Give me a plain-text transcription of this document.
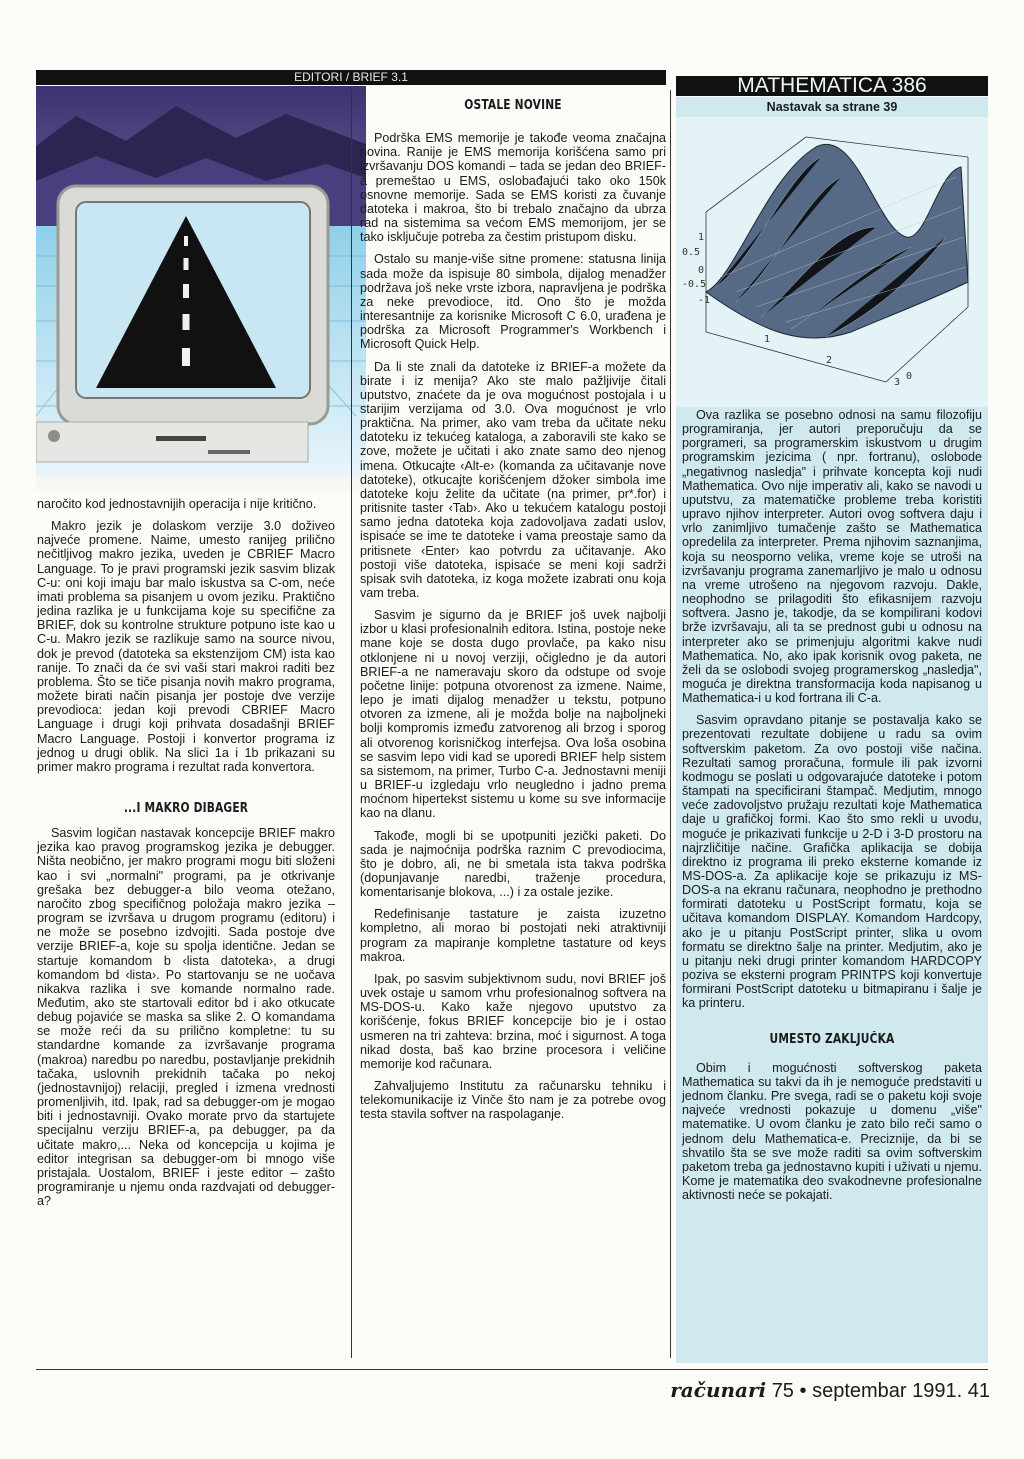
EDITORI / BRIEF 3.1	MATHEMATICA 386
Nastavak sa strane 39

naročito kod jednostavnijih operacija i nije kritično.

Makro jezik je dolaskom verzije 3.0 doživeo najveće promene. Naime, umesto ranijeg prilično nečitljivog makro jezika, uveden je CBRIEF Macro Language. To je pravi programski jezik sasvim blizak C-u: oni koji imaju bar malo iskustva sa C-om, neće imati problema sa pisanjem u ovom jeziku. Praktično jedina razlika je u funkcijama koje su specifične za BRIEF, dok su kontrolne strukture potpuno iste kao u C-u. Makro jezik se razlikuje samo na source nivou, dok je prevod (datoteka sa ekstenzijom CM) ista kao ranije. To znači da će svi vaši stari makroi raditi bez problema. Što se tiče pisanja novih makro programa, možete birati način pisanja jer postoje dve verzije prevodioca: jedan koji prevodi CBRIEF Macro Language i drugi koji prihvata dosadašnji BRIEF Macro Language. Postoji i konvertor programa iz jednog u drugi oblik. Na slici 1a i 1b prikazani su primer makro programa i rezultat rada konvertora.

...I MAKRO DIBAGER

Sasvim logičan nastavak koncepcije BRIEF makro jezika kao pravog programskog jezika je debugger. Ništa neobično, jer makro programi mogu biti složeni kao i svi „normalni" programi, pa je otkrivanje grešaka bez debugger-a bilo veoma otežano, naročito zbog specifičnog položaja makro jezika – program se izvršava u drugom programu (editoru) i ne može se posebno izdvojiti. Sada postoje dve verzije BRIEF-a, koje su spolja identične. Jedan se startuje komandom b ‹lista datoteka›, a drugi komandom bd ‹lista›. Po startovanju se ne uočava nikakva razlika i sve komande normalno rade. Međutim, ako ste startovali editor bd i ako otkucate debug pojaviće se maska sa slike 2. O komandama se može reći da su prilično kompletne: tu su standardne komande za izvršavanje programa (makroa) naredbu po naredbu, postavljanje prekidnih tačaka, uslovnih prekidnih tačaka po nekoj (jednostavnijoj) relaciji, pregled i izmena vrednosti promenljivih, itd. Ipak, rad sa debugger-om je mogao biti i jednostavniji. Ovako morate prvo da startujete specijalnu verziju BRIEF-a, pa debugger, pa da učitate makro,... Neka od koncepcija u kojima je editor integrisan sa debugger-om bi mnogo više pristajala. Uostalom, BRIEF i jeste editor – zašto programiranje u njemu onda razdvajati od debugger-a?

OSTALE NOVINE

Podrška EMS memorije je takođe veoma značajna novina. Ranije je EMS memorija korišćena samo pri izvršavanju DOS komandi – tada se jedan deo BRIEF-a premeštao u EMS, oslobađajući tako oko 150k osnovne memorije. Sada se EMS koristi za čuvanje datoteka i makroa, što bi trebalo značajno da ubrza rad na sistemima sa većom EMS memorijom, jer se tako isključuje potreba za čestim pristupom disku.

Ostalo su manje-više sitne promene: statusna linija sada može da ispisuje 80 simbola, dijalog menadžer podržava još neke vrste izbora, napravljena je podrška za neke prevodioce, itd. Ono što je možda interesantnije za korisnike Microsoft C 6.0, urađena je podrška za Microsoft Programmer's Workbench i Microsoft Quick Help.

Da li ste znali da datoteke iz BRIEF-a možete da birate i iz menija? Ako ste malo pažljivije čitali uputstvo, znaćete da je ova mogućnost postojala i u starijim verzijama od 3.0. Ova mogućnost je vrlo praktična. Na primer, ako vam treba da učitate neku datoteku iz tekućeg kataloga, a zaboravili ste kako se zove, možete je učitati i ako znate samo deo njenog imena. Otkucajte ‹Alt-e› (komanda za učitavanje nove datoteke), otkucajte korišćenjem džoker simbola ime datoteke koju želite da učitate (na primer, pr*.for) i pritisnite taster ‹Tab›. Ako u tekućem katalogu postoji samo jedna datoteka koja zadovoljava zadati uslov, ispisaće se ime te datoteke i vama preostaje samo da pritisnete ‹Enter› kao potvrdu za učitavanje. Ako postoji više datoteka, ispisaće se meni koji sadrži spisak svih datoteka, iz koga možete izabrati onu koja vam treba.

Sasvim je sigurno da je BRIEF još uvek najbolji izbor u klasi profesionalnih editora. Istina, postoje neke mane koje se dosta dugo provlače, pa kako nisu otklonjene ni u novoj verziji, očigledno je da autori BRIEF-a ne nameravaju skoro da odstupe od svoje početne linije: potpuna otvorenost za izmene. Naime, lepo je imati dijalog menadžer u tekstu, potpuno otvoren za izmene, ali je možda bolje na najboljnеki bolji kompromis između zatvorenog ali brzog i sporog ali otvorenog korisničkog interfejsa. Ova loša osobina se sasvim lepo vidi kad se uporedi BRIEF help sistem sa sistemom, na primer, Turbo C-a. Jednostavni meniji u BRIEF-u izgledaju vrlo neugledno i jadno prema moćnom hipertekst sistemu u kome su sve informacije kao na dlanu.

Takođe, mogli bi se upotpuniti jezički paketi. Do sada je najmoćnija podrška raznim C prevodiocima, što je dobro, ali, ne bi smetala ista takva podrška (dopunjavanje naredbi, traženje procedura, komentarisanje blokova, ...) i za ostale jezike.

Redefinisanje tastature je zaista izuzetno kompletno, ali morao bi postojati neki atraktivniji program za mapiranje kompletne tastature od keys makroa.

Ipak, po sasvim subjektivnom sudu, novi BRIEF još uvek ostaje u samom vrhu profesionalnog softvera na MS-DOS-u. Kako kaže njegovo uputstvo za korišćenje, fokus BRIEF koncepcije bio je i ostao usmeren na tri zahteva: brzina, moć i sigurnost. A toga nikad dosta, baš kao brzine procesora i veličine memorije kod računara.

Zahvaljujemo Institutu za računarsku tehniku i telekomunikacije iz Vinče što nam je za potrebe ovog testa stavila softver na raspolaganje.

1
0.5
0
-0.5
-1
1
2
3
0

Ova razlika se posebno odnosi na samu filozofiju programiranja, jer autori preporučuju da se porgrameri, sa programerskim iskustvom u drugim programskim jezicima ( npr. fortranu), oslobode „negativnog nasledja" i prihvate koncepta koji nudi Mathematica. Ovo nije imperativ ali, kako se navodi u uputstvu, za matematičke probleme treba koristiti upravo njihov interpreter. Autori ovog softvera daju i vrlo zanimljivo tumačenje zašto se Mathematica opredelila za interpreter. Prema njihovim saznanjima, koja su neosporno velika, vreme koje se utroši na izvršavanju programa zanemarljivo je malo u odnosu na vreme utrošeno na njegovom razvoju. Dakle, neophodno se prilagoditi što efikasnijem razvoju softvera. Jasno je, takodje, da se kompilirani kodovi brže izvršavaju, ali ta se prednost gubi u odnosu na interpreter ako se primenjuju algoritmi kakve nudi Mathematica. No, ako ipak korisnik ovog paketa, ne želi da se oslobodi svojeg programerskog „nasledja", moguća je direktna transformacija koda napisanog u Mathematica-i u kod fortrana ili C-a.

Sasvim opravdano pitanje se postavalja kako se prezentovati rezultate dobijene u radu sa ovim softverskim paketom. Za ovo postoji više načina. Rezultati samog proračuna, formule ili pak izvorni kodmogu se poslati u odgovarajuće datoteke i potom štampati na specificirani štampač. Medjutim, mnogo veće zadovoljstvo pružaju rezultati koje Mathematica daje u grafičkoj formi. Kao što smo rekli u uvodu, moguće je prikazivati funkcije u 2-D i 3-D prostoru na najrzličitije načine. Grafička aplikacija se dobija direktno iz programa ili preko eksterne komande iz MS-DOS-a. Za aplikacije koje se prikazuju iz MS-DOS-a na ekranu računara, neophodno je prethodno formirati datoteku u PostScript formatu, koja se učitava komandom DISPLAY. Komandom Hardcopy, ako je u pitanju PostScript printer, slika u ovom formatu se direktno šalje na printer. Medjutim, ako je u pitanju neki drugi printer komandom HARDCOPY poziva se eksterni program PRINTPS koji konvertuje formirani PostScript datoteku u bitmapiranu i šalje je ka printeru.

UMESTO ZAKLJUČKA

Obim i mogućnosti softverskog paketa Mathematica su takvi da ih je nemoguće predstaviti u jednom članku. Pre svega, radi se o paketu koji svoje najveće vrednosti pokazuje u domenu „više" matematike. U ovom članku je zato bilo reči samo o jednom delu Mathematica-e. Preciznije, da bi se shvatilo šta se sve može raditi sa ovim softverskim paketom treba ga jednostavno kupiti i uživati u njemu. Kome je matematika deo svakodnevne profesionalne aktivnosti neće se pokajati.

računari 75 • septembar 1991. 41
